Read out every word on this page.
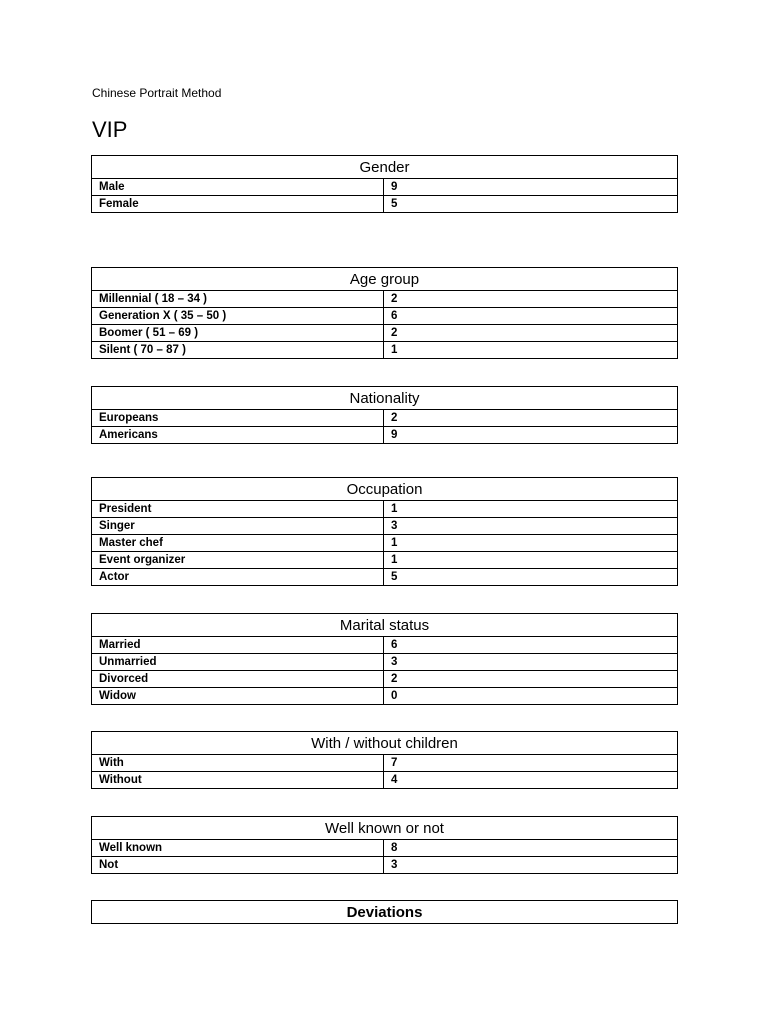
Chinese Portrait Method
VIP
Gender	
Male	9
Female	5
Age group	
Millennial ( 18 – 34 )	2
Generation X ( 35 – 50 )	6
Boomer ( 51 – 69 )	2
Silent ( 70 – 87 )	1
Nationality	
Europeans	2
Americans	9
Occupation	
President	1
Singer	3
Master chef	1
Event organizer	1
Actor	5
Marital status	
Married	6
Unmarried	3
Divorced	2
Widow	0
With / without children	
With	7
Without	4
Well known or not	
Well known	8
Not	3
Deviations
